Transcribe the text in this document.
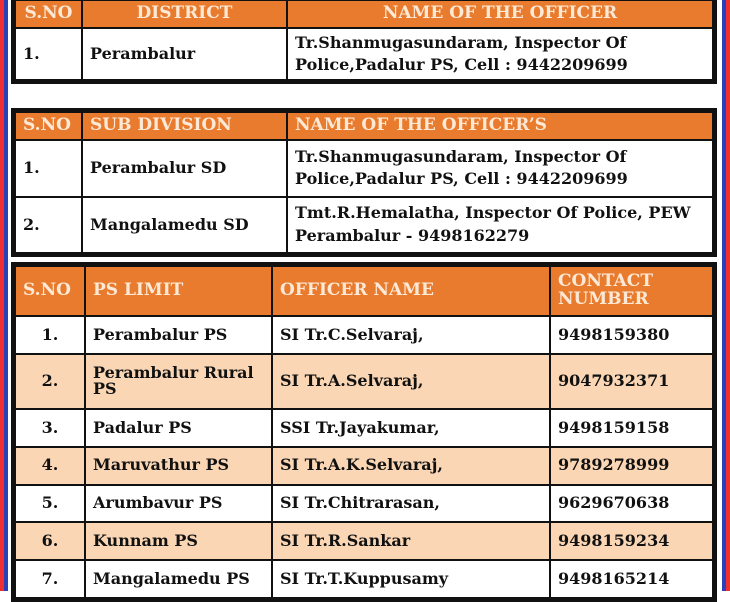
S.NO	DISTRICT	NAME OF THE OFFICER
1.	Perambalur	Tr.Shanmugasundaram, Inspector Of Police,Padalur PS, Cell : 9442209699
S.NO	SUB DIVISION	NAME OF THE OFFICER’S
1.	Perambalur SD	Tr.Shanmugasundaram, Inspector Of Police,Padalur PS, Cell : 9442209699
2.	Mangalamedu SD	Tmt.R.Hemalatha, Inspector Of Police, PEW Perambalur - 9498162279
S.NO	PS LIMIT	OFFICER NAME	CONTACT NUMBER
1.	Perambalur PS	SI Tr.C.Selvaraj,	9498159380
2.	Perambalur Rural PS	SI Tr.A.Selvaraj,	9047932371
3.	Padalur PS	SSI Tr.Jayakumar,	9498159158
4.	Maruvathur PS	SI Tr.A.K.Selvaraj,	9789278999
5.	Arumbavur PS	SI Tr.Chitrarasan,	9629670638
6.	Kunnam PS	SI Tr.R.Sankar	9498159234
7.	Mangalamedu PS	SI Tr.T.Kuppusamy	9498165214
